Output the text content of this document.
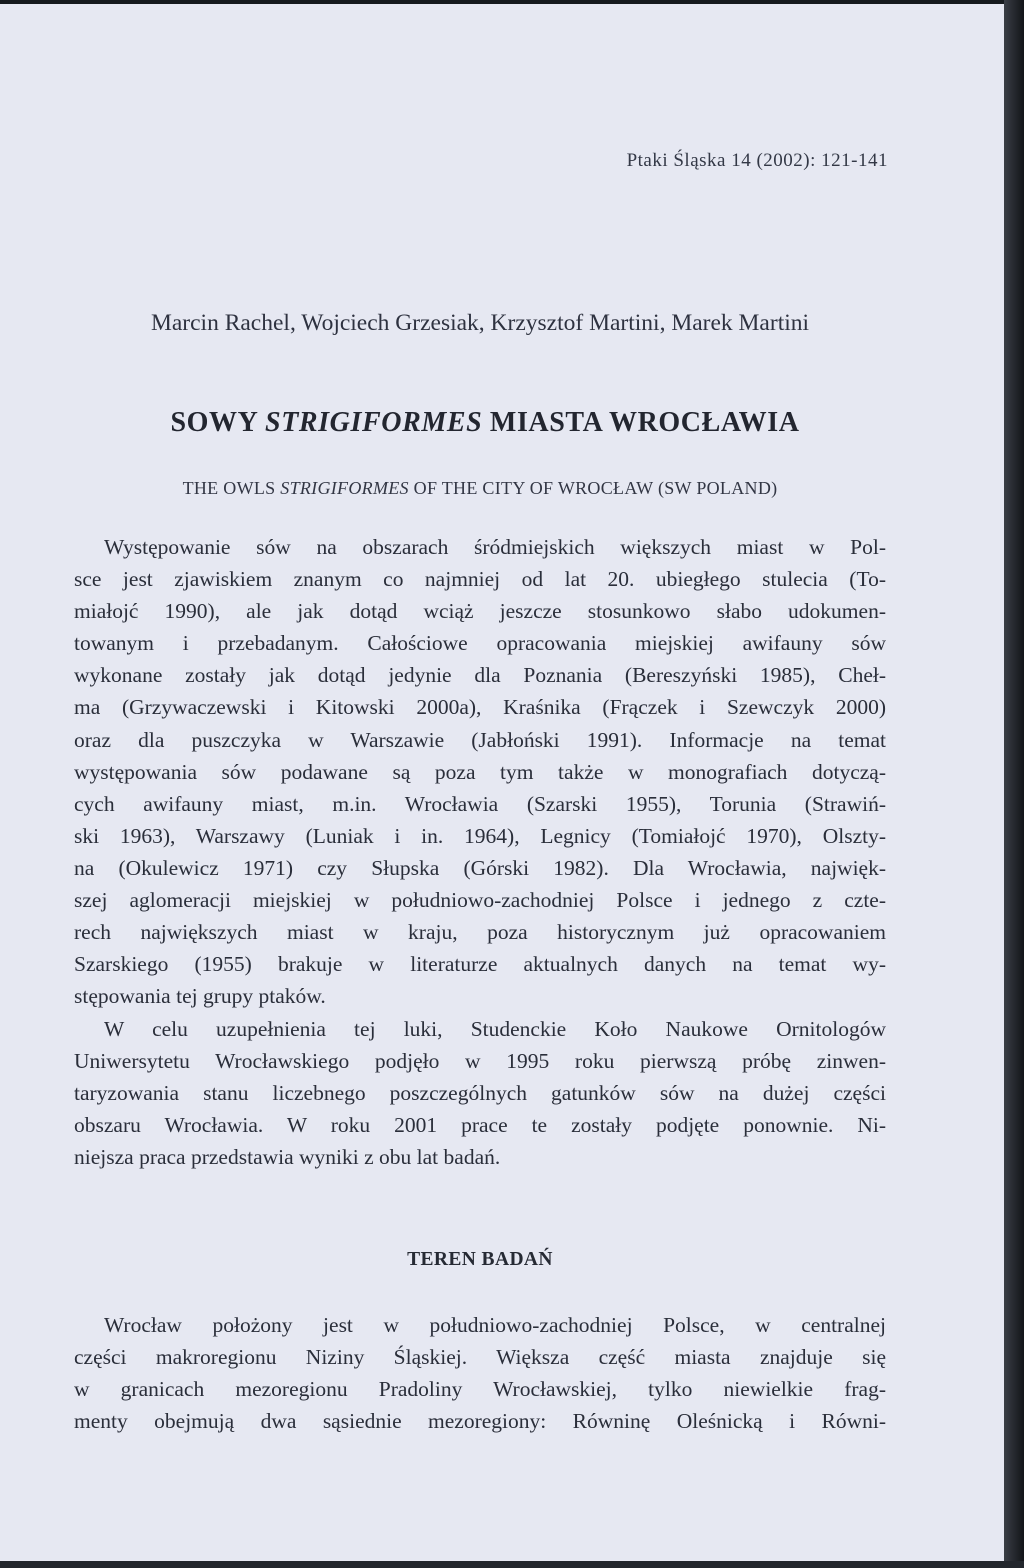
Ptaki Śląska 14 (2002): 121-141
Marcin Rachel, Wojciech Grzesiak, Krzysztof Martini, Marek Martini
SOWY STRIGIFORMES MIASTA WROCŁAWIA
THE OWLS STRIGIFORMES OF THE CITY OF WROCŁAW (SW POLAND)
Występowanie sów na obszarach śródmiejskich większych miast w Pol-
sce jest zjawiskiem znanym co najmniej od lat 20. ubiegłego stulecia (To-
miałojć 1990), ale jak dotąd wciąż jeszcze stosunkowo słabo udokumen-
towanym i przebadanym. Całościowe opracowania miejskiej awifauny sów
wykonane zostały jak dotąd jedynie dla Poznania (Bereszyński 1985), Cheł-
ma (Grzywaczewski i Kitowski 2000a), Kraśnika (Frączek i Szewczyk 2000)
oraz dla puszczyka w Warszawie (Jabłoński 1991). Informacje na temat
występowania sów podawane są poza tym także w monografiach dotyczą-
cych awifauny miast, m.in. Wrocławia (Szarski 1955), Torunia (Strawiń-
ski 1963), Warszawy (Luniak i in. 1964), Legnicy (Tomiałojć 1970), Olszty-
na (Okulewicz 1971) czy Słupska (Górski 1982). Dla Wrocławia, najwięk-
szej aglomeracji miejskiej w południowo-zachodniej Polsce i jednego z czte-
rech największych miast w kraju, poza historycznym już opracowaniem
Szarskiego (1955) brakuje w literaturze aktualnych danych na temat wy-
stępowania tej grupy ptaków.
W celu uzupełnienia tej luki, Studenckie Koło Naukowe Ornitologów
Uniwersytetu Wrocławskiego podjęło w 1995 roku pierwszą próbę zinwen-
taryzowania stanu liczebnego poszczególnych gatunków sów na dużej części
obszaru Wrocławia. W roku 2001 prace te zostały podjęte ponownie. Ni-
niejsza praca przedstawia wyniki z obu lat badań.
TEREN BADAŃ
Wrocław położony jest w południowo-zachodniej Polsce, w centralnej
części makroregionu Niziny Śląskiej. Większa część miasta znajduje się
w granicach mezoregionu Pradoliny Wrocławskiej, tylko niewielkie frag-
menty obejmują dwa sąsiednie mezoregiony: Równinę Oleśnicką i Równi-
